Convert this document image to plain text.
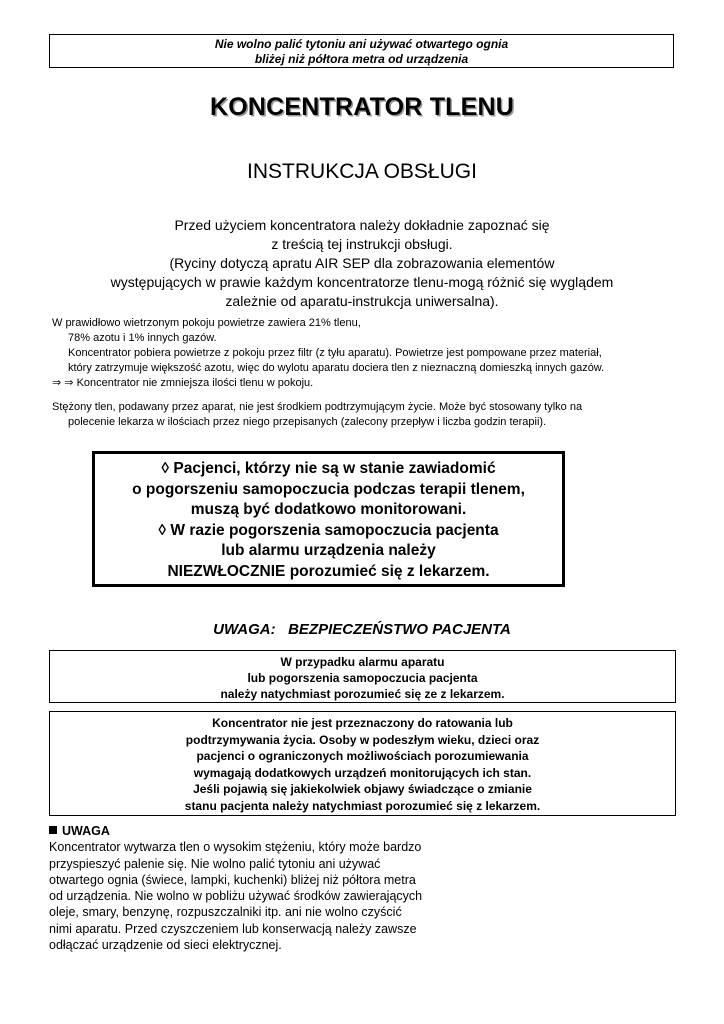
Nie wolno palić tytoniu ani używać otwartego ognia
bliżej niż półtora metra od urządzenia
KONCENTRATOR TLENU
INSTRUKCJA OBSŁUGI
Przed użyciem koncentratora należy dokładnie zapoznać się
z treścią tej instrukcji obsługi.
(Ryciny dotyczą apratu AIR SEP dla zobrazowania elementów
występujących w prawie każdym koncentratorze tlenu-mogą różnić się wyglądem
zależnie od aparatu-instrukcja uniwersalna).
W prawidłowo wietrzonym pokoju powietrze zawiera 21% tlenu,
78% azotu i 1% innych gazów.
Koncentrator pobiera powietrze z pokoju przez filtr (z tyłu aparatu). Powietrze jest pompowane przez materiał,
który zatrzymuje większość azotu, więc do wylotu aparatu dociera tlen z nieznaczną domieszką innych gazów.
⇒ ⇒ Koncentrator nie zmniejsza ilości tlenu w pokoju.
Stężony tlen, podawany przez aparat, nie jest środkiem podtrzymującym życie. Może być stosowany tylko na
polecenie lekarza w ilościach przez niego przepisanych (zalecony przepływ i liczba godzin terapii).
◊ Pacjenci, którzy nie są w stanie zawiadomić
o pogorszeniu samopoczucia podczas terapii tlenem,
muszą być dodatkowo monitorowani.
◊ W razie pogorszenia samopoczucia pacjenta
lub alarmu urządzenia należy
NIEZWŁOCZNIE porozumieć się z lekarzem.
UWAGA:   BEZPIECZEŃSTWO PACJENTA
W przypadku alarmu aparatu
lub pogorszenia samopoczucia pacjenta
należy natychmiast porozumieć się ze z lekarzem.
Koncentrator nie jest przeznaczony do ratowania lub
podtrzymywania życia. Osoby w podeszłym wieku, dzieci oraz
pacjenci o ograniczonych możliwościach porozumiewania
wymagają dodatkowych urządzeń monitorujących ich stan.
Jeśli pojawią się jakiekolwiek objawy świadczące o zmianie
stanu pacjenta należy natychmiast porozumieć się z lekarzem.
UWAGA
Koncentrator wytwarza tlen o wysokim stężeniu, który może bardzo
przyspieszyć palenie się. Nie wolno palić tytoniu ani używać
otwartego ognia (świece, lampki, kuchenki) bliżej niż półtora metra
od urządzenia. Nie wolno w pobliżu używać środków zawierających
oleje, smary, benzynę, rozpuszczalniki itp. ani nie wolno czyścić
nimi aparatu. Przed czyszczeniem lub konserwacją należy zawsze
odłączać urządzenie od sieci elektrycznej.
